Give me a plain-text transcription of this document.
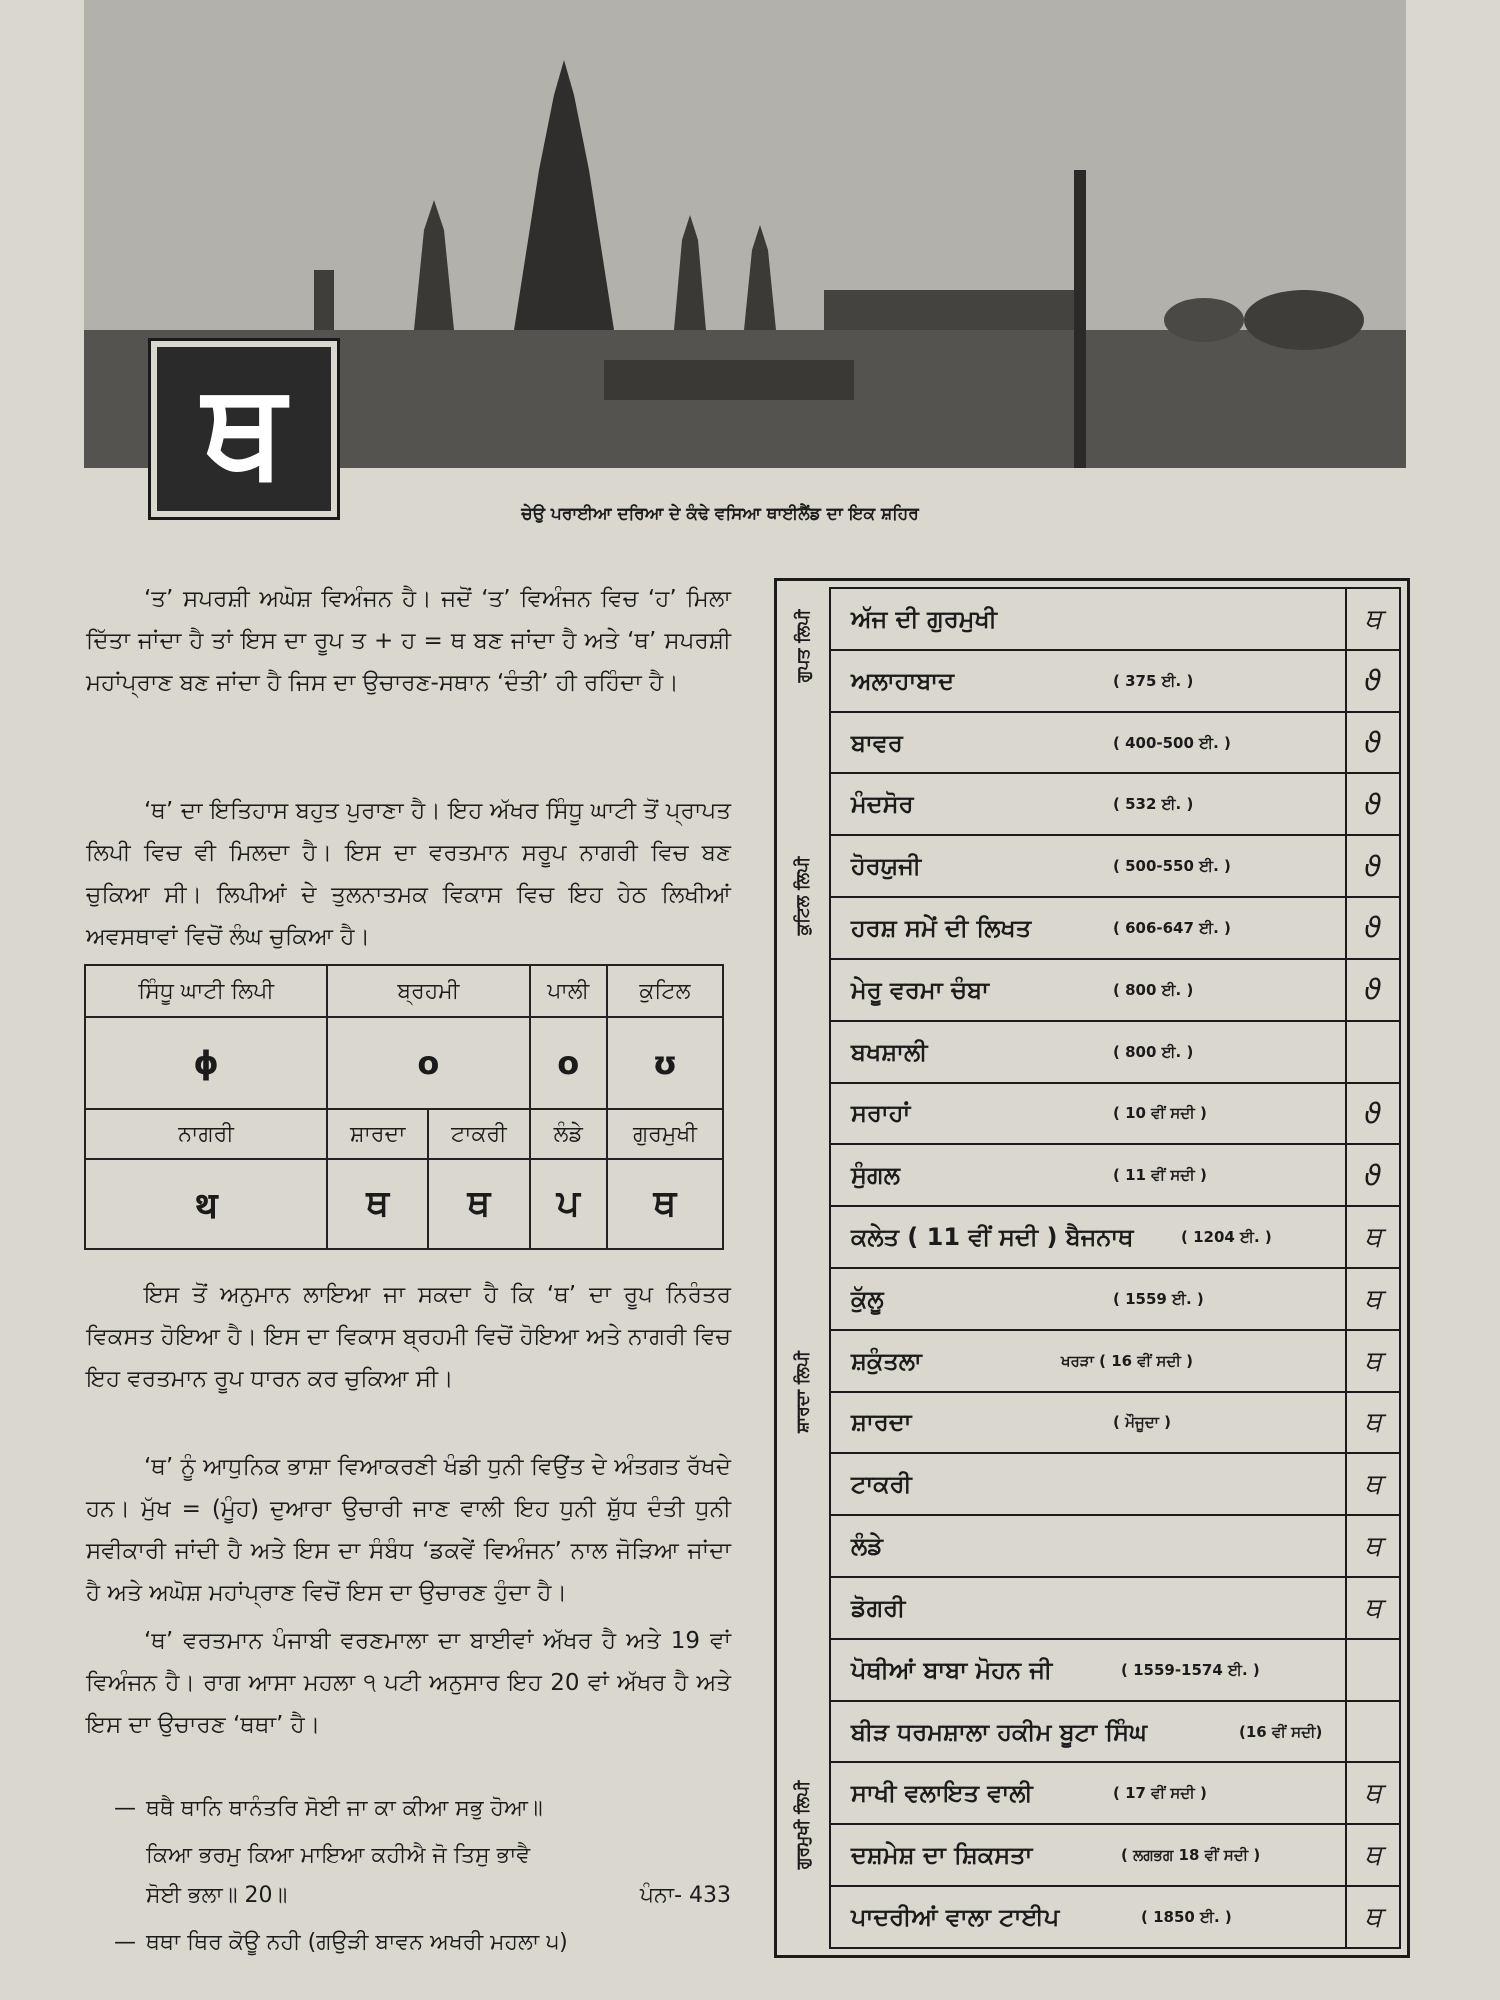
ਥ
ਚੇਉ ਪਰਾਈਆ ਦਰਿਆ ਦੇ ਕੰਢੇ ਵਸਿਆ ਥਾਈਲੈਂਡ ਦਾ ਇਕ ਸ਼ਹਿਰ

‘ਤ’ ਸਪਰਸ਼ੀ ਅਘੋਸ਼ ਵਿਅੰਜਨ ਹੈ। ਜਦੋਂ ‘ਤ’ ਵਿਅੰਜਨ ਵਿਚ ‘ਹ’ ਮਿਲਾ ਦਿੱਤਾ ਜਾਂਦਾ ਹੈ ਤਾਂ ਇਸ ਦਾ ਰੂਪ ਤ + ਹ = ਥ ਬਣ ਜਾਂਦਾ ਹੈ ਅਤੇ ‘ਥ’ ਸਪਰਸ਼ੀ ਮਹਾਂਪ੍ਰਾਣ ਬਣ ਜਾਂਦਾ ਹੈ ਜਿਸ ਦਾ ਉਚਾਰਣ-ਸਥਾਨ ‘ਦੰਤੀ’ ਹੀ ਰਹਿੰਦਾ ਹੈ।

‘ਥ’ ਦਾ ਇਤਿਹਾਸ ਬਹੁਤ ਪੁਰਾਣਾ ਹੈ। ਇਹ ਅੱਖਰ ਸਿੰਧੂ ਘਾਟੀ ਤੋਂ ਪ੍ਰਾਪਤ ਲਿਪੀ ਵਿਚ ਵੀ ਮਿਲਦਾ ਹੈ। ਇਸ ਦਾ ਵਰਤਮਾਨ ਸਰੂਪ ਨਾਗਰੀ ਵਿਚ ਬਣ ਚੁਕਿਆ ਸੀ। ਲਿਪੀਆਂ ਦੇ ਤੁਲਨਾਤਮਕ ਵਿਕਾਸ ਵਿਚ ਇਹ ਹੇਠ ਲਿਖੀਆਂ ਅਵਸਥਾਵਾਂ ਵਿਚੋਂ ਲੰਘ ਚੁਕਿਆ ਹੈ।

ਸਿੰਧੂ ਘਾਟੀ ਲਿਪੀ	ਬ੍ਰਹਮੀ		ਪਾਲੀ	ਕੁਟਿਲ
ϕ	o		o	ʊ
ਨਾਗਰੀ	ਸ਼ਾਰਦਾ	ਟਾਕਰੀ	ਲੰਡੇ	ਗੁਰਮੁਖੀ
थ	ਥ	ਥ	ਪ	ਥ

ਇਸ ਤੋਂ ਅਨੁਮਾਨ ਲਾਇਆ ਜਾ ਸਕਦਾ ਹੈ ਕਿ ‘ਥ’ ਦਾ ਰੂਪ ਨਿਰੰਤਰ ਵਿਕਸਤ ਹੋਇਆ ਹੈ। ਇਸ ਦਾ ਵਿਕਾਸ ਬ੍ਰਹਮੀ ਵਿਚੋਂ ਹੋਇਆ ਅਤੇ ਨਾਗਰੀ ਵਿਚ ਇਹ ਵਰਤਮਾਨ ਰੂਪ ਧਾਰਨ ਕਰ ਚੁਕਿਆ ਸੀ।

‘ਥ’ ਨੂੰ ਆਧੁਨਿਕ ਭਾਸ਼ਾ ਵਿਆਕਰਣੀ ਖੰਡੀ ਧੁਨੀ ਵਿਉਂਤ ਦੇ ਅੰਤਗਤ ਰੱਖਦੇ ਹਨ। ਮੁੱਖ = (ਮੂੰਹ) ਦੁਆਰਾ ਉਚਾਰੀ ਜਾਣ ਵਾਲੀ ਇਹ ਧੁਨੀ ਸ਼ੁੱਧ ਦੰਤੀ ਧੁਨੀ ਸਵੀਕਾਰੀ ਜਾਂਦੀ ਹੈ ਅਤੇ ਇਸ ਦਾ ਸੰਬੰਧ ‘ਡਕਵੇਂ ਵਿਅੰਜਨ’ ਨਾਲ ਜੋੜਿਆ ਜਾਂਦਾ ਹੈ ਅਤੇ ਅਘੋਸ਼ ਮਹਾਂਪ੍ਰਾਣ ਵਿਚੋਂ ਇਸ ਦਾ ਉਚਾਰਣ ਹੁੰਦਾ ਹੈ।

‘ਥ’ ਵਰਤਮਾਨ ਪੰਜਾਬੀ ਵਰਣਮਾਲਾ ਦਾ ਬਾਈਵਾਂ ਅੱਖਰ ਹੈ ਅਤੇ 19 ਵਾਂ ਵਿਅੰਜਨ ਹੈ। ਰਾਗ ਆਸਾ ਮਹਲਾ ੧ ਪਟੀ ਅਨੁਸਾਰ ਇਹ 20 ਵਾਂ ਅੱਖਰ ਹੈ ਅਤੇ ਇਸ ਦਾ ਉਚਾਰਣ ‘ਥਥਾ’ ਹੈ।

— ਥਥੈ ਥਾਨਿ ਥਾਨੰਤਰਿ ਸੋਈ ਜਾ ਕਾ ਕੀਆ ਸਭੁ ਹੋਆ॥
ਕਿਆ ਭਰਮੁ ਕਿਆ ਮਾਇਆ ਕਹੀਐ ਜੋ ਤਿਸੁ ਭਾਵੈ
ਸੋਈ ਭਲਾ॥ 20॥	ਪੰਨਾ- 433
— ਥਥਾ ਥਿਰ ਕੋਊ ਨਹੀ (ਗਉੜੀ ਬਾਵਨ ਅਖਰੀ ਮਹਲਾ ੫)
ਗੁਪਤ ਲਿਪੀ
ਕੁਟਿਲ ਲਿਪੀ
ਸ਼ਾਰਦਾ ਲਿਪੀ
ਗੁਰਮੁਖੀ ਲਿਪੀ
ਅੱਜ ਦੀ ਗੁਰਮੁਖੀ	ਥ
ਅਲਾਹਾਬਾਦ	( 375 ਈ. )	ϑ
ਬਾਵਰ	( 400-500 ਈ. )	ϑ
ਮੰਦਸੋਰ	( 532 ਈ. )	ϑ
ਹੋਰਯੁਜੀ	( 500-550 ਈ. )	ϑ
ਹਰਸ਼ ਸਮੇਂ ਦੀ ਲਿਖਤ	( 606-647 ਈ. )	ϑ
ਮੇਰੂ ਵਰਮਾ ਚੰਬਾ	( 800 ਈ. )	ϑ
ਬਖਸ਼ਾਲੀ	( 800 ਈ. )
ਸਰਾਹਾਂ	( 10 ਵੀਂ ਸਦੀ )	ϑ
ਸੁੰਗਲ	( 11 ਵੀਂ ਸਦੀ )	ϑ
ਕਲੇਤ ( 11 ਵੀਂ ਸਦੀ ) ਬੈਜਨਾਥ	( 1204 ਈ. )	ਥ
ਕੁੱਲੂ	( 1559 ਈ. )	ਥ
ਸ਼ਕੁੰਤਲਾ	ਖਰੜਾ ( 16 ਵੀਂ ਸਦੀ )	ਥ
ਸ਼ਾਰਦਾ	( ਮੌਜੂਦਾ )	ਥ
ਟਾਕਰੀ	ਥ
ਲੰਡੇ	ਥ
ਡੋਗਰੀ	ਥ
ਪੋਥੀਆਂ ਬਾਬਾ ਮੋਹਨ ਜੀ	( 1559-1574 ਈ. )
ਬੀੜ ਧਰਮਸ਼ਾਲਾ ਹਕੀਮ ਬੂਟਾ ਸਿੰਘ	(16 ਵੀਂ ਸਦੀ)
ਸਾਖੀ ਵਲਾਇਤ ਵਾਲੀ	( 17 ਵੀਂ ਸਦੀ )	ਥ
ਦਸ਼ਮੇਸ਼ ਦਾ ਸ਼ਿਕਸਤਾ	( ਲਗਭਗ 18 ਵੀਂ ਸਦੀ )	ਥ
ਪਾਦਰੀਆਂ ਵਾਲਾ ਟਾਈਪ	( 1850 ਈ. )	ਥ
